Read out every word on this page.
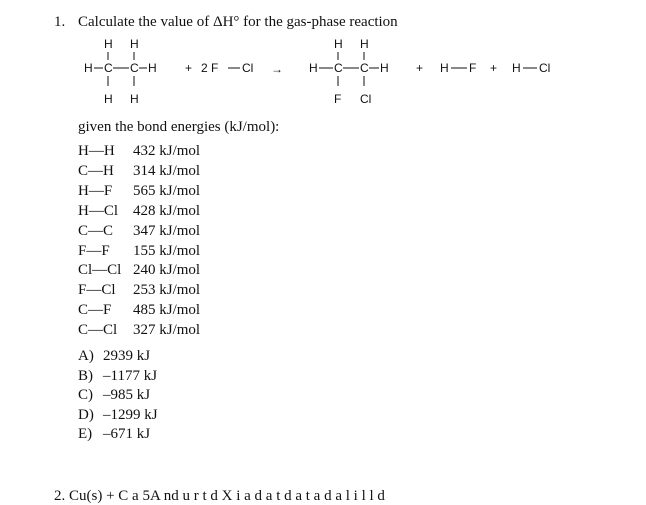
1. Calculate the value of ΔH° for the gas-phase reaction
H H
H C C H
H H
+ 2 F Cl →
H H
H C C H
F Cl
+ H F + H Cl
given the bond energies (kJ/mol):
H—H	432 kJ/mol
C—H	314 kJ/mol
H—F	565 kJ/mol
H—Cl 428 kJ/mol
C—C	347 kJ/mol
F—F	155 kJ/mol
Cl—Cl 240 kJ/mol
F—Cl	253 kJ/mol
C—F	485 kJ/mol
C—Cl	327 kJ/mol
A) 2939 kJ
B) –1177 kJ
C) –985 kJ
D) –1299 kJ
E) –671 kJ
2. Cu(s) + C a 5A nd u r t d X i a d a t d a t a d a l i l l d
